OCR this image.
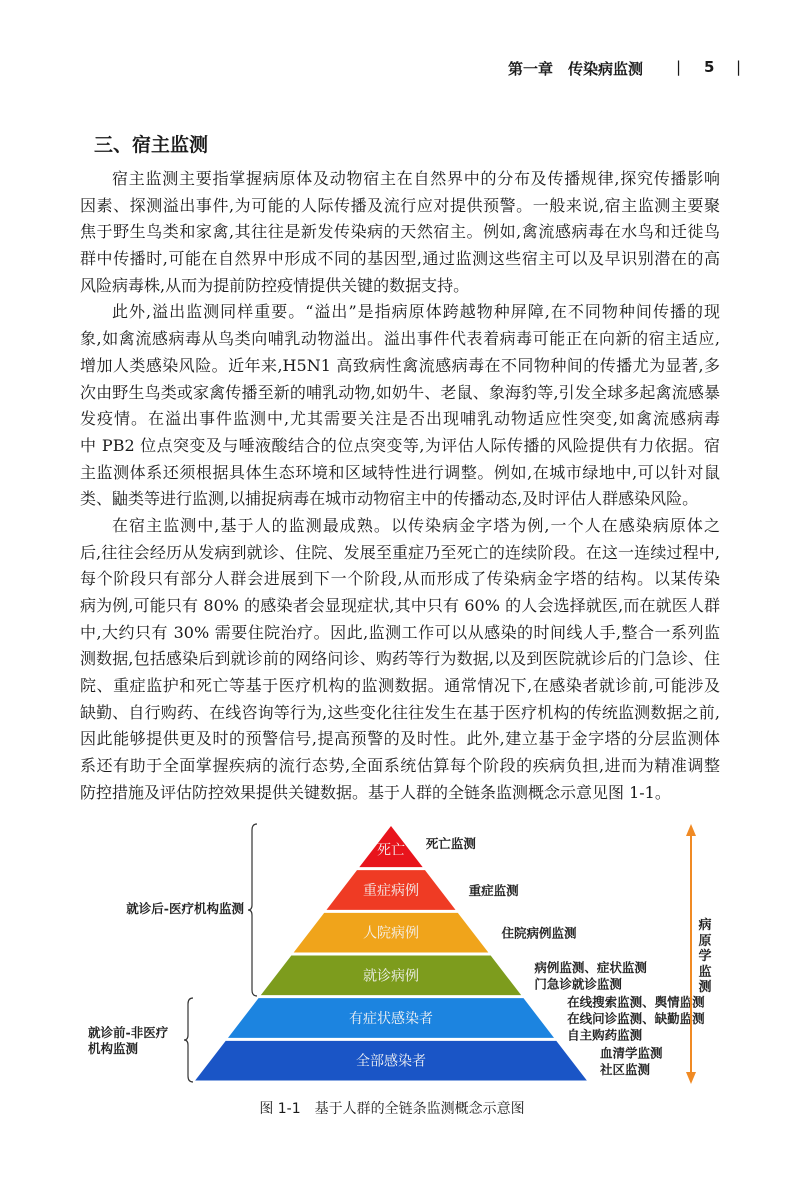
第一章　传染病监测 | 5 |
三、宿主监测
宿主监测主要指掌握病原体及动物宿主在自然界中的分布及传播规律,探究传播影响
因素、探测溢出事件,为可能的人际传播及流行应对提供预警。一般来说,宿主监测主要聚
焦于野生鸟类和家禽,其往往是新发传染病的天然宿主。例如,禽流感病毒在水鸟和迁徙鸟
群中传播时,可能在自然界中形成不同的基因型,通过监测这些宿主可以及早识别潜在的高
风险病毒株,从而为提前防控疫情提供关键的数据支持。
此外,溢出监测同样重要。“溢出”是指病原体跨越物种屏障,在不同物种间传播的现
象,如禽流感病毒从鸟类向哺乳动物溢出。溢出事件代表着病毒可能正在向新的宿主适应,
增加人类感染风险。近年来,H5N1 高致病性禽流感病毒在不同物种间的传播尤为显著,多
次由野生鸟类或家禽传播至新的哺乳动物,如奶牛、老鼠、象海豹等,引发全球多起禽流感暴
发疫情。在溢出事件监测中,尤其需要关注是否出现哺乳动物适应性突变,如禽流感病毒
中 PB2 位点突变及与唾液酸结合的位点突变等,为评估人际传播的风险提供有力依据。宿
主监测体系还须根据具体生态环境和区域特性进行调整。例如,在城市绿地中,可以针对鼠
类、鼬类等进行监测,以捕捉病毒在城市动物宿主中的传播动态,及时评估人群感染风险。
在宿主监测中,基于人的监测最成熟。以传染病金字塔为例,一个人在感染病原体之
后,往往会经历从发病到就诊、住院、发展至重症乃至死亡的连续阶段。在这一连续过程中,
每个阶段只有部分人群会进展到下一个阶段,从而形成了传染病金字塔的结构。以某传染
病为例,可能只有 80% 的感染者会显现症状,其中只有 60% 的人会选择就医,而在就医人群
中,大约只有 30% 需要住院治疗。因此,监测工作可以从感染的时间线人手,整合一系列监
测数据,包括感染后到就诊前的网络问诊、购药等行为数据,以及到医院就诊后的门急诊、住
院、重症监护和死亡等基于医疗机构的监测数据。通常情况下,在感染者就诊前,可能涉及
缺勤、自行购药、在线咨询等行为,这些变化往往发生在基于医疗机构的传统监测数据之前,
因此能够提供更及时的预警信号,提高预警的及时性。此外,建立基于金字塔的分层监测体
系还有助于全面掌握疾病的流行态势,全面系统估算每个阶段的疾病负担,进而为精准调整
防控措施及评估防控效果提供关键数据。基于人群的全链条监测概念示意见图 1-1。
死亡 死亡监测
重症病例	重症监测
人院病例	住院病例监测
就诊病例
病例监测、症状监测
门急诊就诊监测
有症状感染者
在线搜索监测、舆情监测
在线问诊监测、缺勤监测
自主购药监测
全部感染者
血清学监测
社区监测
就诊后-医疗机构监测
就诊前-非医疗
机构监测
病原学监测
图 1-1　基于人群的全链条监测概念示意图
